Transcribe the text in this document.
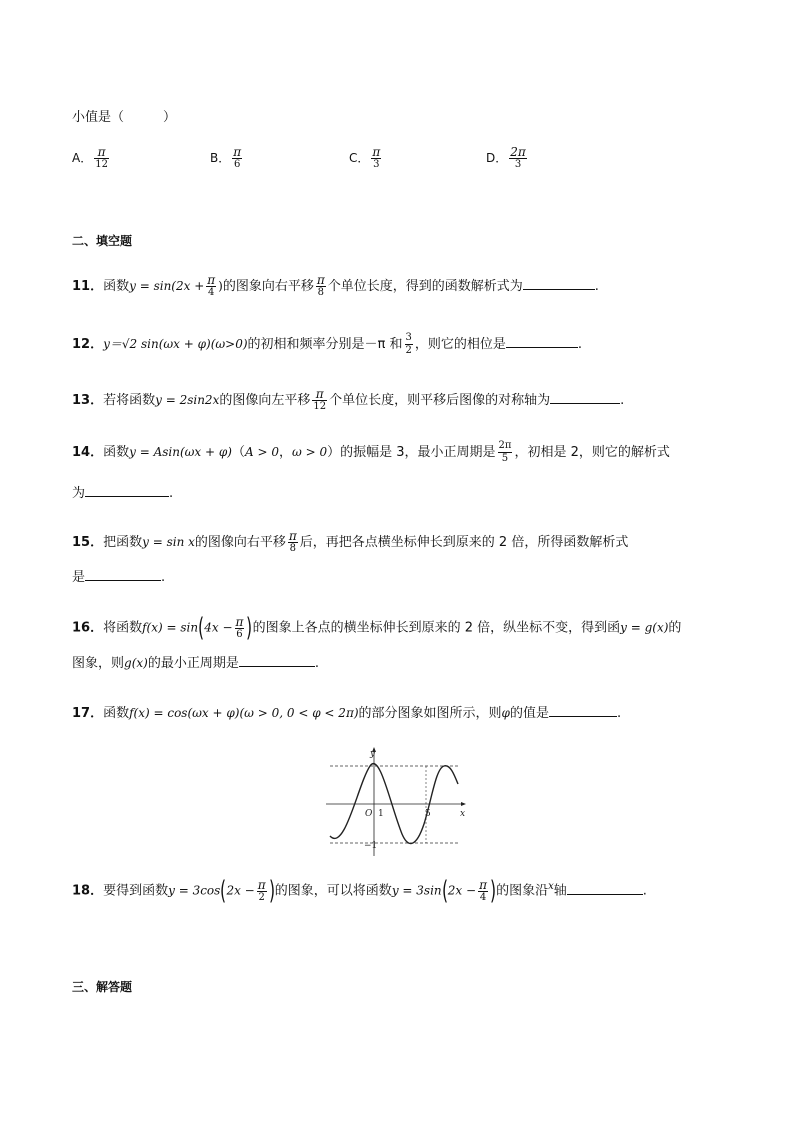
小值是（　　　）
A． $\frac{\pi}{12}$	B． $\frac{\pi}{6}$	C． $\frac{\pi}{3}$	D． $\frac{2\pi}{3}$
二、填空题
11．函数$y = \sin(2x + \frac{\pi}{4}$ )的图象向右平移 $\frac{\pi}{8}$ 个单位长度，得到的函数解析式为	.
12．y＝√2 sin(ωx + φ)(ω>0)的初相和频率分别是－π 和 $\frac{3}{2}$ ，则它的相位是	.
13．若将函数y = 2sin2x的图像向左平移 $\frac{\pi}{12}$ 个单位长度，则平移后图像的对称轴为	.
14．函数y = Asin(ωx + φ)（A > 0，ω > 0）的振幅是 3，最小正周期是 $\frac{2\pi}{5}$ ，初相是 2，则它的解析式
为	.
15．把函数y = sin x的图像向右平移 $\frac{\pi}{8}$ 后，再把各点横坐标伸长到原来的 2 倍，所得函数解析式
是	.
16．将函数$f(x) = \sin(4x - \frac{\pi}{6}$ )的图象上各点的横坐标伸长到原来的 2 倍，纵坐标不变，得到函y = g(x)的
图象，则g(x)的最小正周期是	.
17．函数f(x) = cos(ωx + φ)(ω > 0, 0 < φ < 2π)的部分图象如图所示，则φ的值是	.
y
x
O 1	5
−1
18．要得到函数$y = 3\cos(2x - \frac{\pi}{2}$ )的图象，可以将函数$y = 3\sin(2x - \frac{\pi}{4}$ )的图象沿$^x$轴	.
三、解答题
